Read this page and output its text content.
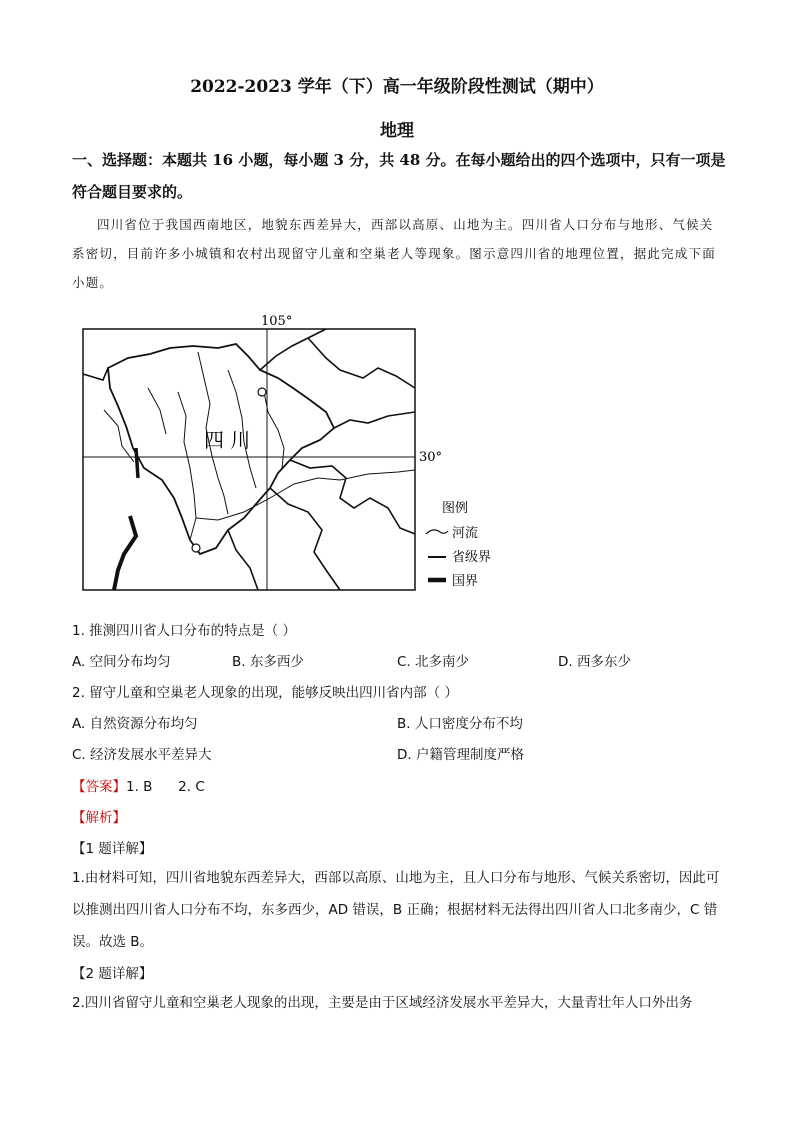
2022-2023 学年（下）高一年级阶段性测试（期中）
地理
一、选择题：本题共 16 小题，每小题 3 分，共 48 分。在每小题给出的四个选项中，只有一项是符合题目要求的。
四川省位于我国西南地区，地貌东西差异大，西部以高原、山地为主。四川省人口分布与地形、气候关系密切，目前许多小城镇和农村出现留守儿童和空巢老人等现象。图示意四川省的地理位置，据此完成下面小题。
105°
30°
四 川
图例
河流
省级界
国界
1. 推测四川省人口分布的特点是（ ）
A. 空间分布均匀	B. 东多西少	C. 北多南少	D. 西多东少
2. 留守儿童和空巢老人现象的出现，能够反映出四川省内部（ ）
A. 自然资源分布均匀	B. 人口密度分布不均
C. 经济发展水平差异大	D. 户籍管理制度严格
【答案】1. B      2. C
【解析】
【1 题详解】
1.由材料可知，四川省地貌东西差异大，西部以高原、山地为主，且人口分布与地形、气候关系密切，因此可以推测出四川省人口分布不均，东多西少，AD 错误，B 正确；根据材料无法得出四川省人口北多南少，C 错误。故选 B。
【2 题详解】
2.四川省留守儿童和空巢老人现象的出现，主要是由于区域经济发展水平差异大，大量青壮年人口外出务
